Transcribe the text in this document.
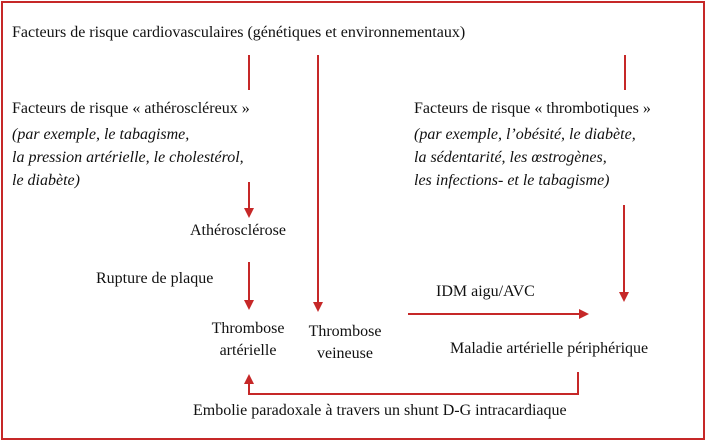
Facteurs de risque cardiovasculaires (génétiques et environnementaux)
Facteurs de risque « athéroscléreux »
(par exemple, le tabagisme,
la pression artérielle, le cholestérol,
le diabète)
Facteurs de risque « thrombotiques »
(par exemple, l’obésité, le diabète,
la sédentarité, les œstrogènes,
les infections- et le tabagisme)
Athérosclérose
Rupture de plaque
Thrombose
artérielle
Thrombose
veineuse
IDM aigu/AVC
Maladie artérielle périphérique
Embolie paradoxale à travers un shunt D-G intracardiaque
